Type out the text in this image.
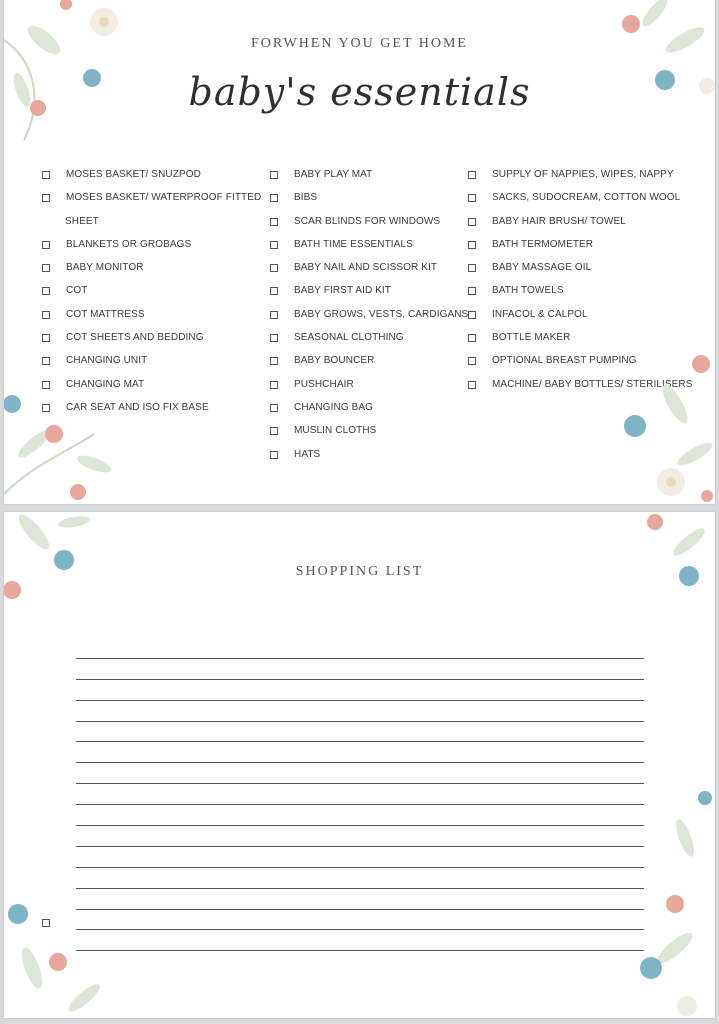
FORWHEN YOU GET HOME
baby's essentials
MOSES BASKET/ SNUZPOD
MOSES BASKET/ WATERPROOF FITTED
SHEET
BLANKETS OR GROBAGS
BABY MONITOR
COT
COT MATTRESS
COT SHEETS AND BEDDING
CHANGING UNIT
CHANGING MAT
CAR SEAT AND ISO FIX BASE
BABY PLAY MAT
BIBS
SCAR BLINDS FOR WINDOWS
BATH TIME ESSENTIALS
BABY NAIL AND SCISSOR KIT
BABY FIRST AID KIT
BABY GROWS, VESTS, CARDIGANS
SEASONAL CLOTHING
BABY BOUNCER
PUSHCHAIR
CHANGING BAG
MUSLIN CLOTHS
HATS
SUPPLY OF NAPPIES, WIPES, NAPPY
SACKS, SUDOCREAM, COTTON WOOL
BABY HAIR BRUSH/ TOWEL
BATH TERMOMETER
BABY MASSAGE OIL
BATH TOWELS
INFACOL & CALPOL
BOTTLE MAKER
OPTIONAL BREAST PUMPING
MACHINE/ BABY BOTTLES/ STERILISERS
SHOPPING LIST
